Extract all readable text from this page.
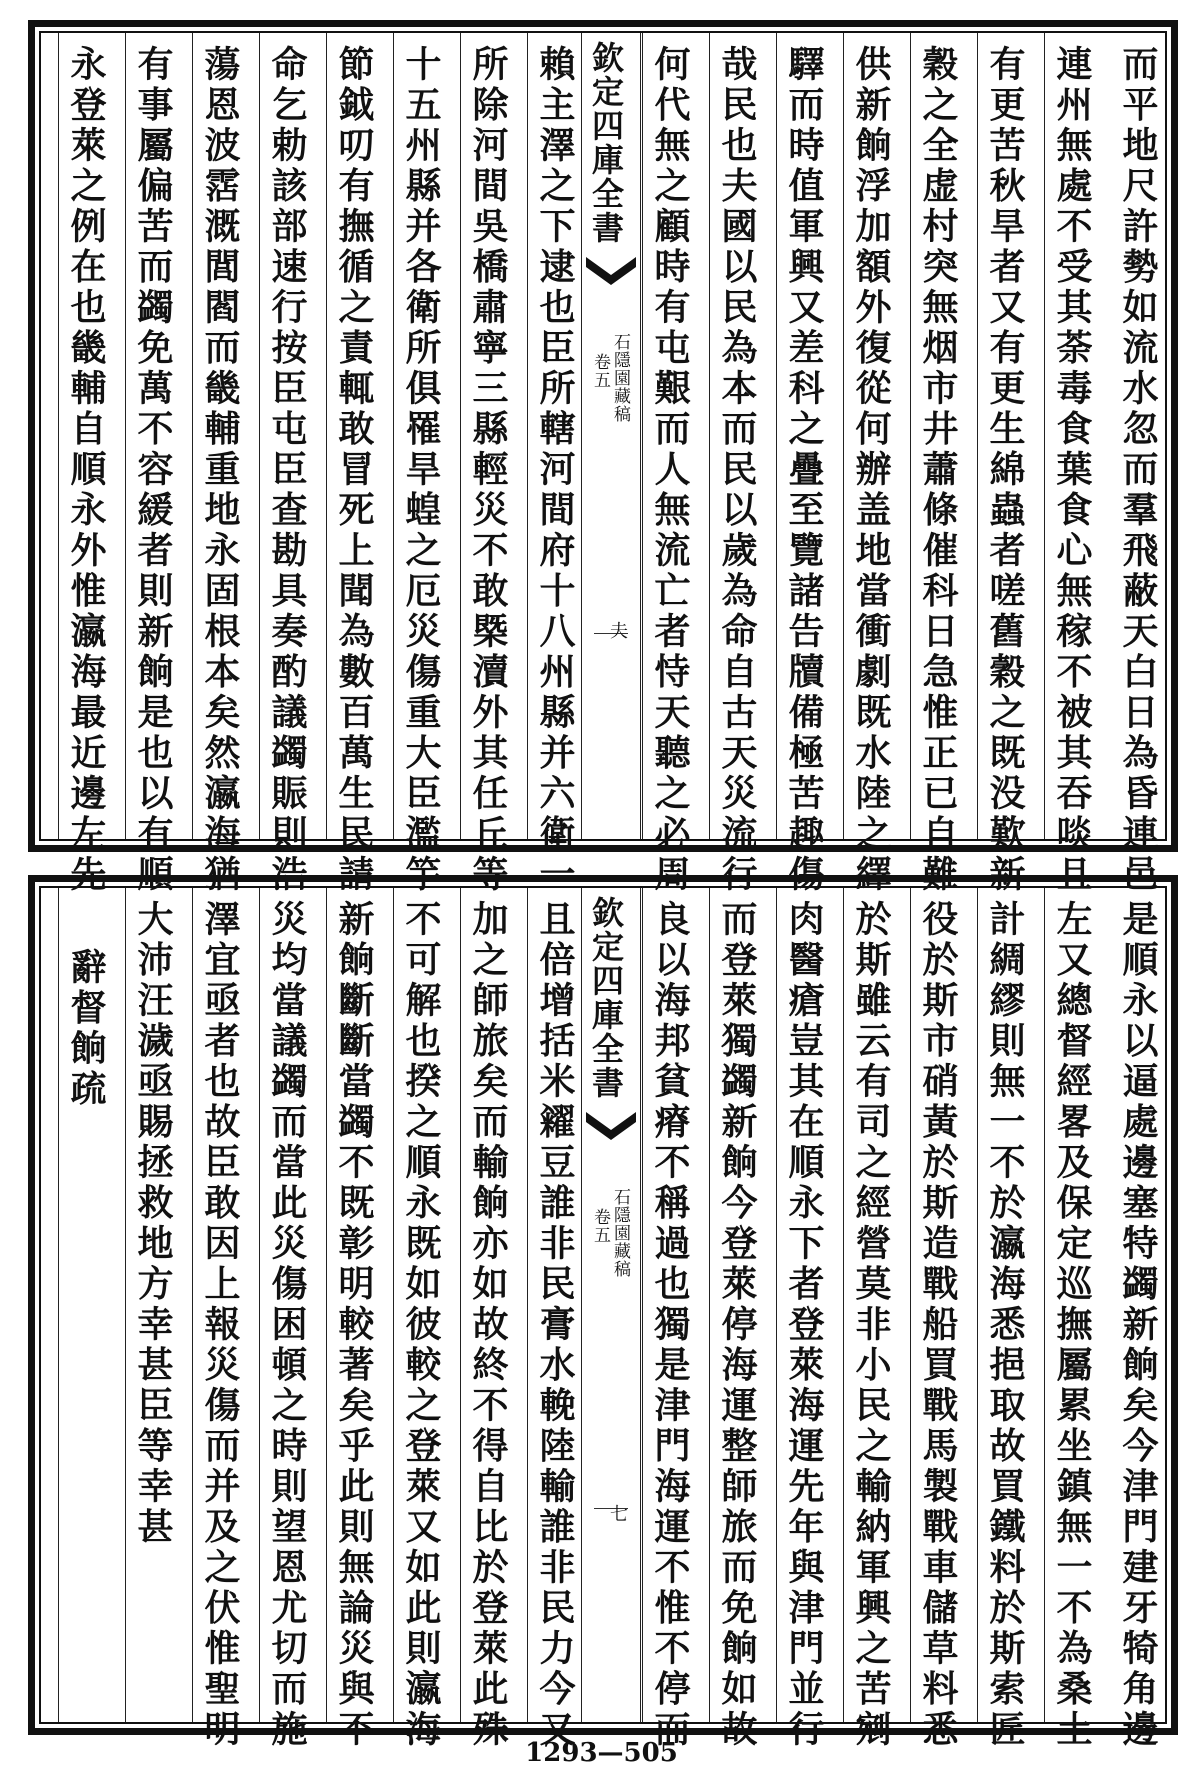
而平地尺許勢如流水忽而羣飛蔽天白日為昏連邑
連州無處不受其荼毒食葉食心無稼不被其吞啖且
有更苦秋旱者又有更生綿蟲者嗟舊穀之既没歎新
穀之全虚村突無烟市井蕭條催科日急惟正已自難
供新餉浮加額外復從何辦盖地當衝劇既水陸之繹
驛而時值軍興又差科之疊至覽諸告牘備極苦趣傷
哉民也夫國以民為本而民以歲為命自古天災流行
何代無之顧時有屯艱而人無流亡者恃天聽之必周
欽定四庫全書
石隱園藏稿
卷五
夫
賴主澤之下逮也臣所轄河間府十八州縣并六衛一
所除河間吳橋肅寧三縣輕災不敢槩瀆外其任丘等
十五州縣并各衛所俱罹旱蝗之厄災傷重大臣濫竽
節鉞叨有撫循之責輒敢冒死上聞為數百萬生民請
命乞勅該部速行按臣屯臣查勘具奏酌議蠲賑則浩
蕩恩波霑溉閭閻而畿輔重地永固根本矣然瀛海猶
有事屬偏苦而蠲免萬不容緩者則新餉是也以有順
永登萊之例在也畿輔自順永外惟瀛海最近邊左先
是順永以逼處邊塞特蠲新餉矣今津門建牙犄角邊
左又總督經畧及保定巡撫屬累坐鎮無一不為桑土
計綢繆則無一不於瀛海悉挹取故買鐵料於斯索匠
役於斯市硝黃於斯造戰船買戰馬製戰車儲草料悉
於斯雖云有司之經營莫非小民之輸納軍興之苦剜
肉醫瘡豈其在順永下者登萊海運先年與津門並行
而登萊獨蠲新餉今登萊停海運整師旅而免餉如故
良以海邦貧瘠不稱過也獨是津門海運不惟不停而
欽定四庫全書
石隱園藏稿
卷五
七
且倍增括米糴豆誰非民膏水輓陸輸誰非民力今又
加之師旅矣而輸餉亦如故終不得自比於登萊此殊
不可解也揆之順永既如彼較之登萊又如此則瀛海
新餉斷斷當蠲不既彰明較著矣乎此則無論災與不
災均當議蠲而當此災傷困頓之時則望恩尤切而施
澤宜亟者也故臣敢因上報災傷而并及之伏惟聖明
大沛汪濊亟賜拯救地方幸甚臣等幸甚
辭督餉疏
1293—505
